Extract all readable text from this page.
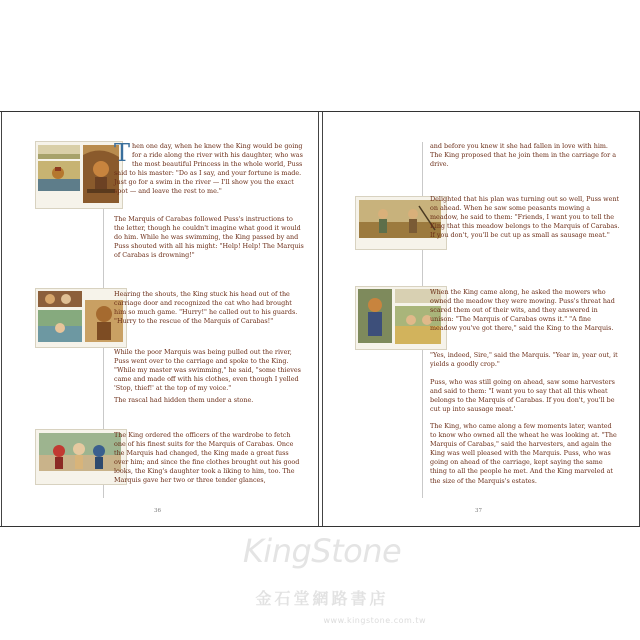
Then one day, when he knew the King would be going for a ride along the river with his daughter, who was the most beautiful Princess in the whole world, Puss said to his master: "Do as I say, and your fortune is made. Just go for a swim in the river — I'll show you the exact spot — and leave the rest to me."

The Marquis of Carabas followed Puss's instructions to the letter, though he couldn't imagine what good it would do him. While he was swimming, the King passed by and Puss shouted with all his might: "Help! Help! The Marquis of Carabas is drowning!"

Hearing the shouts, the King stuck his head out of the carriage door and recognized the cat who had brought him so much game. "Hurry!" he called out to his guards. "Hurry to the rescue of the Marquis of Carabas!"

While the poor Marquis was being pulled out the river, Puss went over to the carriage and spoke to the King. "While my master was swimming," he said, "some thieves came and made off with his clothes, even though I yelled 'Stop, thief!' at the top of my voice."

The rascal had hidden them under a stone.

The King ordered the officers of the wardrobe to fetch one of his finest suits for the Marquis of Carabas. Once the Marquis had changed, the King made a great fuss over him; and since the fine clothes brought out his good looks, the King's daughter took a liking to him, too. The Marquis gave her two or three tender glances,

36

and before you knew it she had fallen in love with him. The King proposed that he join them in the carriage for a drive.

Delighted that his plan was turning out so well, Puss went on ahead. When he saw some peasants mowing a meadow, he said to them: "Friends, I want you to tell the King that this meadow belongs to the Marquis of Carabas. If you don't, you'll be cut up as small as sausage meat."

When the King came along, he asked the mowers who owned the meadow they were mowing. Puss's threat had scared them out of their wits, and they answered in unison: "The Marquis of Carabas owns it." "A fine meadow you've got there," said the King to the Marquis.

"Yes, indeed, Sire," said the Marquis. "Year in, year out, it yields a goodly crop."

Puss, who was still going on ahead, saw some harvesters and said to them: "I want you to say that all this wheat belongs to the Marquis of Carabas. If you don't, you'll be cut up into sausage meat.'

The King, who came along a few moments later, wanted to know who owned all the wheat he was looking at. "The Marquis of Carabas," said the harvesters, and again the King was well pleased with the Marquis. Puss, who was going on ahead of the carriage, kept saying the same thing to all the people he met. And the King marveled at the size of the Marquis's estates.

37
KingStone
金石堂網路書店
www.kingstone.com.tw
